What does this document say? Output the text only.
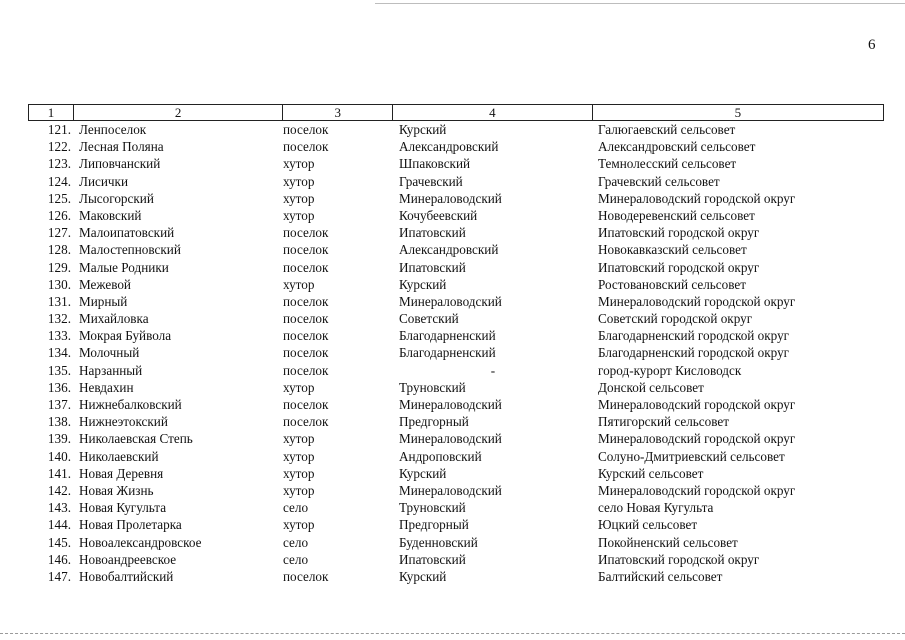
6
1	2	3	4	5
121. Ленпоселок	поселок	Курский	Галюгаевский сельсовет
122. Лесная Поляна	поселок	Александровский	Александровский сельсовет
123. Липовчанский	хутор	Шпаковский	Темнолесский сельсовет
124. Лисички	хутор	Грачевский	Грачевский сельсовет
125. Лысогорский	хутор	Минераловодский	Минераловодский городской округ
126. Маковский	хутор	Кочубеевский	Новодеревенский сельсовет
127. Малоипатовский	поселок	Ипатовский	Ипатовский городской округ
128. Малостепновский	поселок	Александровский	Новокавказский сельсовет
129. Малые Родники	поселок	Ипатовский	Ипатовский городской округ
130. Межевой	хутор	Курский	Ростовановский сельсовет
131. Мирный	поселок	Минераловодский	Минераловодский городской округ
132. Михайловка	поселок	Советский	Советский городской округ
133. Мокрая Буйвола	поселок	Благодарненский	Благодарненский городской округ
134. Молочный	поселок	Благодарненский	Благодарненский городской округ
135. Нарзанный	поселок	-	город-курорт Кисловодск
136. Невдахин	хутор	Труновский	Донской сельсовет
137. Нижнебалковский	поселок	Минераловодский	Минераловодский городской округ
138. Нижнеэтокский	поселок	Предгорный	Пятигорский сельсовет
139. Николаевская Степь	хутор	Минераловодский	Минераловодский городской округ
140. Николаевский	хутор	Андроповский	Солуно-Дмитриевский сельсовет
141. Новая Деревня	хутор	Курский	Курский сельсовет
142. Новая Жизнь	хутор	Минераловодский	Минераловодский городской округ
143. Новая Кугульта	село	Труновский	село Новая Кугульта
144. Новая Пролетарка	хутор	Предгорный	Юцкий сельсовет
145. Новоалександровское	село	Буденновский	Покойненский сельсовет
146. Новоандреевское	село	Ипатовский	Ипатовский городской округ
147. Новобалтийский	поселок	Курский	Балтийский сельсовет
